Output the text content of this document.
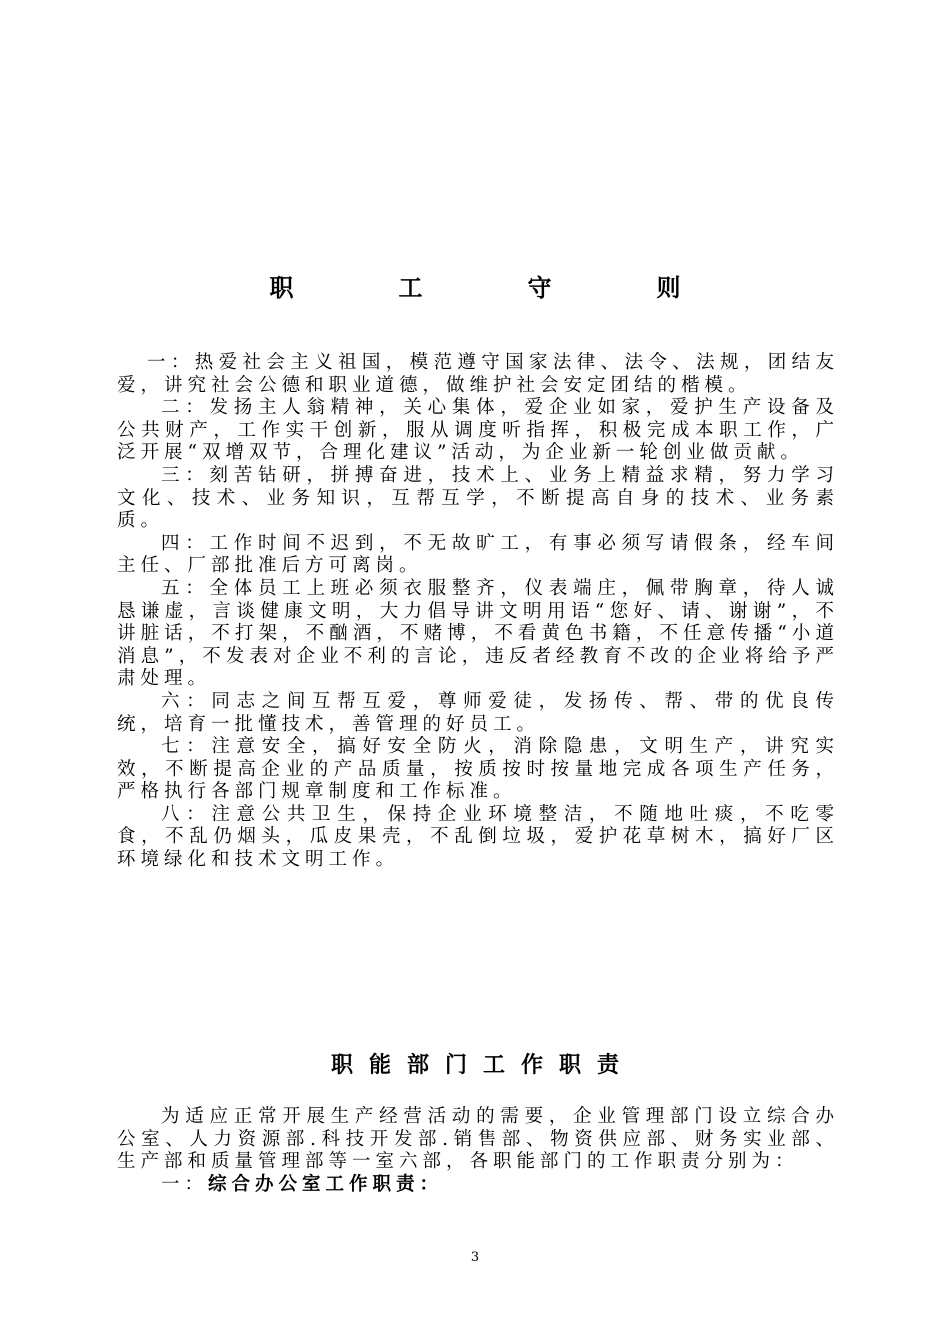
职工守则

一：热爱社会主义祖国，模范遵守国家法律、法令、法规，团结友爱，讲究社会公德和职业道德，做维护社会安定团结的楷模。

二：发扬主人翁精神，关心集体，爱企业如家，爱护生产设备及公共财产，工作实干创新，服从调度听指挥，积极完成本职工作，广泛开展“双增双节，合理化建议”活动，为企业新一轮创业做贡献。

三：刻苦钻研，拼搏奋进，技术上、业务上精益求精，努力学习文化、技术、业务知识，互帮互学，不断提高自身的技术、业务素质。

四：工作时间不迟到，不无故旷工，有事必须写请假条，经车间主任、厂部批准后方可离岗。

五：全体员工上班必须衣服整齐，仪表端庄，佩带胸章，待人诚恳谦虚，言谈健康文明，大力倡导讲文明用语“您好、请、谢谢”，不讲脏话，不打架，不酗酒，不赌博，不看黄色书籍，不任意传播“小道消息”，不发表对企业不利的言论，违反者经教育不改的企业将给予严肃处理。

六：同志之间互帮互爱，尊师爱徒，发扬传、帮、带的优良传统，培育一批懂技术，善管理的好员工。

七：注意安全，搞好安全防火，消除隐患，文明生产，讲究实效，不断提高企业的产品质量，按质按时按量地完成各项生产任务，严格执行各部门规章制度和工作标准。

八：注意公共卫生，保持企业环境整洁，不随地吐痰，不吃零食，不乱仍烟头，瓜皮果壳，不乱倒垃圾，爱护花草树木，搞好厂区环境绿化和技术文明工作。

职能部门工作职责

为适应正常开展生产经营活动的需要，企业管理部门设立综合办公室、人力资源部.科技开发部.销售部、物资供应部、财务实业部、生产部和质量管理部等一室六部，各职能部门的工作职责分别为：

一：综合办公室工作职责：

3
